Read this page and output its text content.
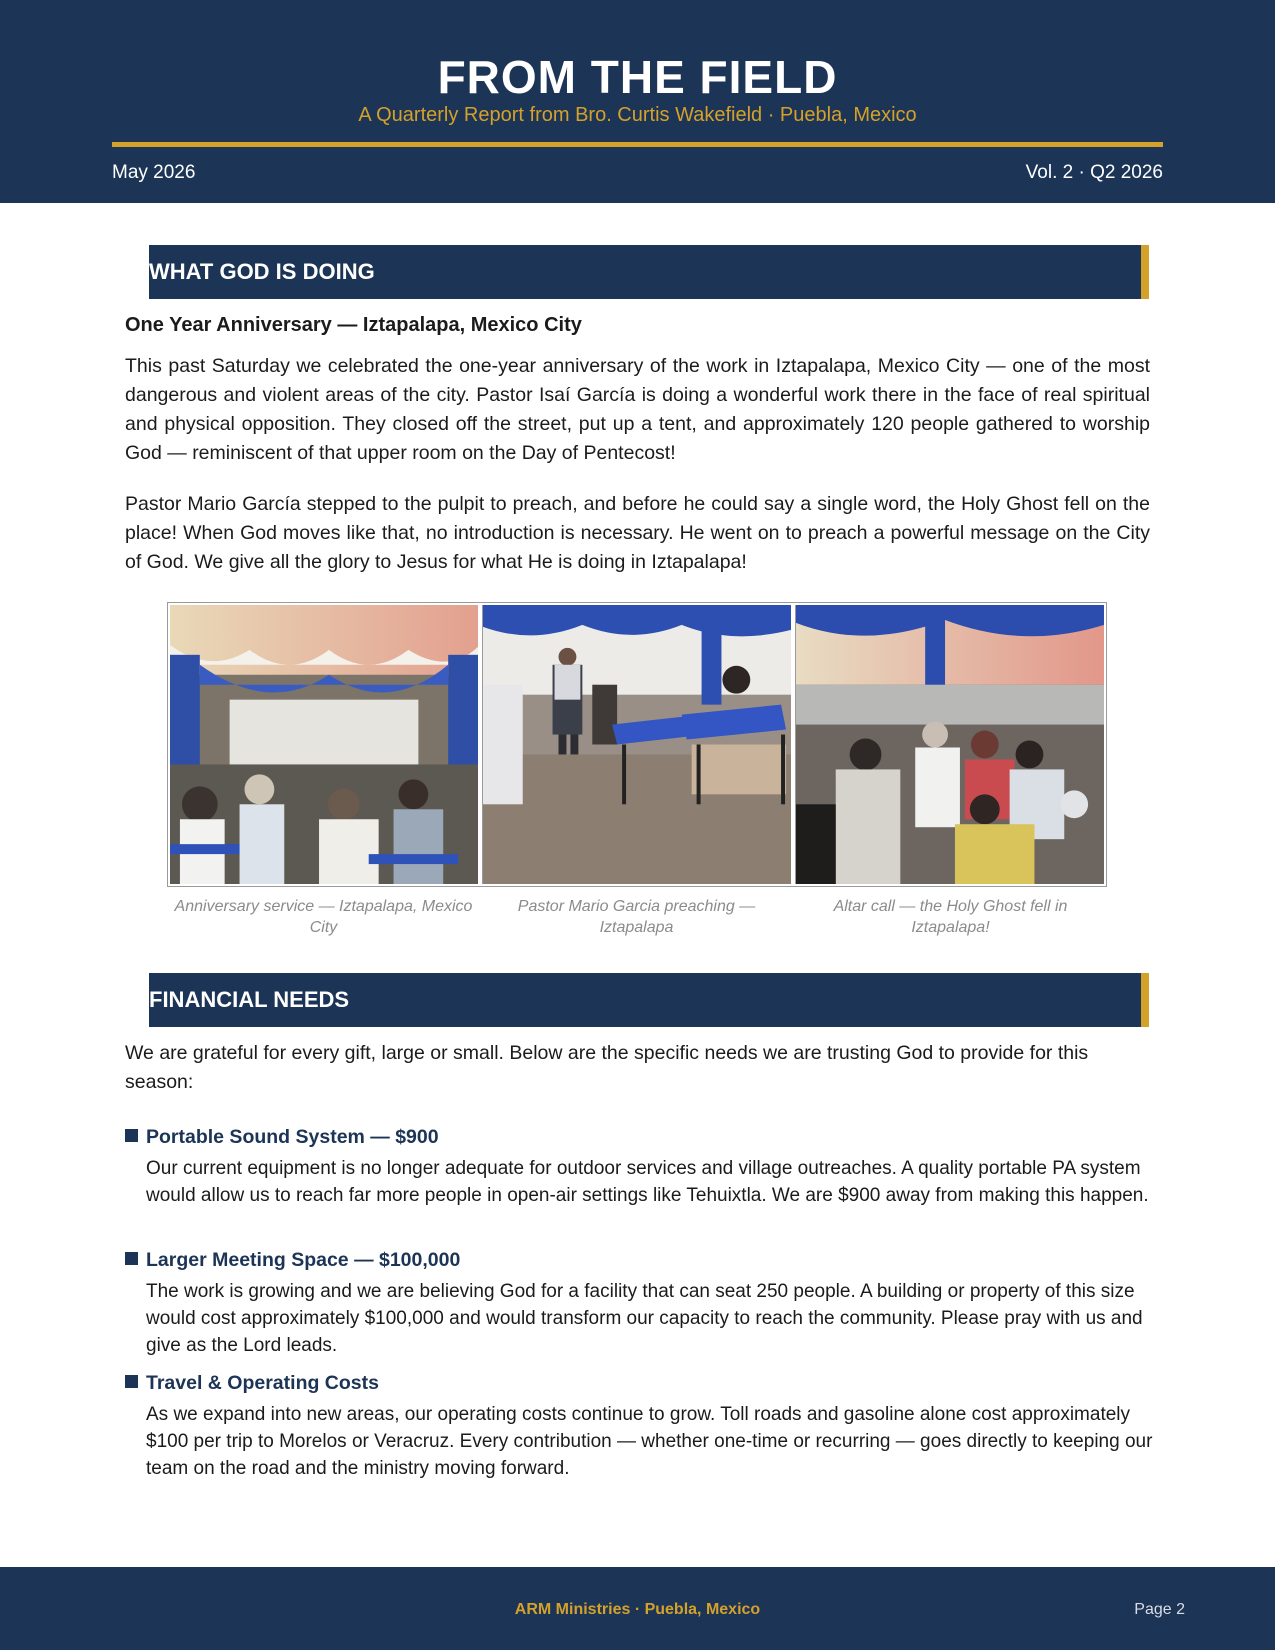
FROM THE FIELD
A Quarterly Report from Bro. Curtis Wakefield · Puebla, Mexico
May 2026	Vol. 2 · Q2 2026
WHAT GOD IS DOING
One Year Anniversary — Iztapalapa, Mexico City

This past Saturday we celebrated the one-year anniversary of the work in Iztapalapa, Mexico City — one of the most dangerous and violent areas of the city. Pastor Isaí García is doing a wonderful work there in the face of real spiritual and physical opposition. They closed off the street, put up a tent, and approximately 120 people gathered to worship God — reminiscent of that upper room on the Day of Pentecost!

Pastor Mario García stepped to the pulpit to preach, and before he could say a single word, the Holy Ghost fell on the place! When God moves like that, no introduction is necessary. He went on to preach a powerful message on the City of God. We give all the glory to Jesus for what He is doing in Iztapalapa!

Anniversary service — Iztapalapa, Mexico City
Pastor Mario Garcia preaching — Iztapalapa
Altar call — the Holy Ghost fell in Iztapalapa!
FINANCIAL NEEDS

We are grateful for every gift, large or small. Below are the specific needs we are trusting God to provide for this season:

Portable Sound System — $900

Our current equipment is no longer adequate for outdoor services and village outreaches. A quality portable PA system would allow us to reach far more people in open-air settings like Tehuixtla. We are $900 away from making this happen.

Larger Meeting Space — $100,000

The work is growing and we are believing God for a facility that can seat 250 people. A building or property of this size would cost approximately $100,000 and would transform our capacity to reach the community. Please pray with us and give as the Lord leads.

Travel & Operating Costs

As we expand into new areas, our operating costs continue to grow. Toll roads and gasoline alone cost approximately $100 per trip to Morelos or Veracruz. Every contribution — whether one-time or recurring — goes directly to keeping our team on the road and the ministry moving forward.

ARM Ministries · Puebla, Mexico	Page 2
